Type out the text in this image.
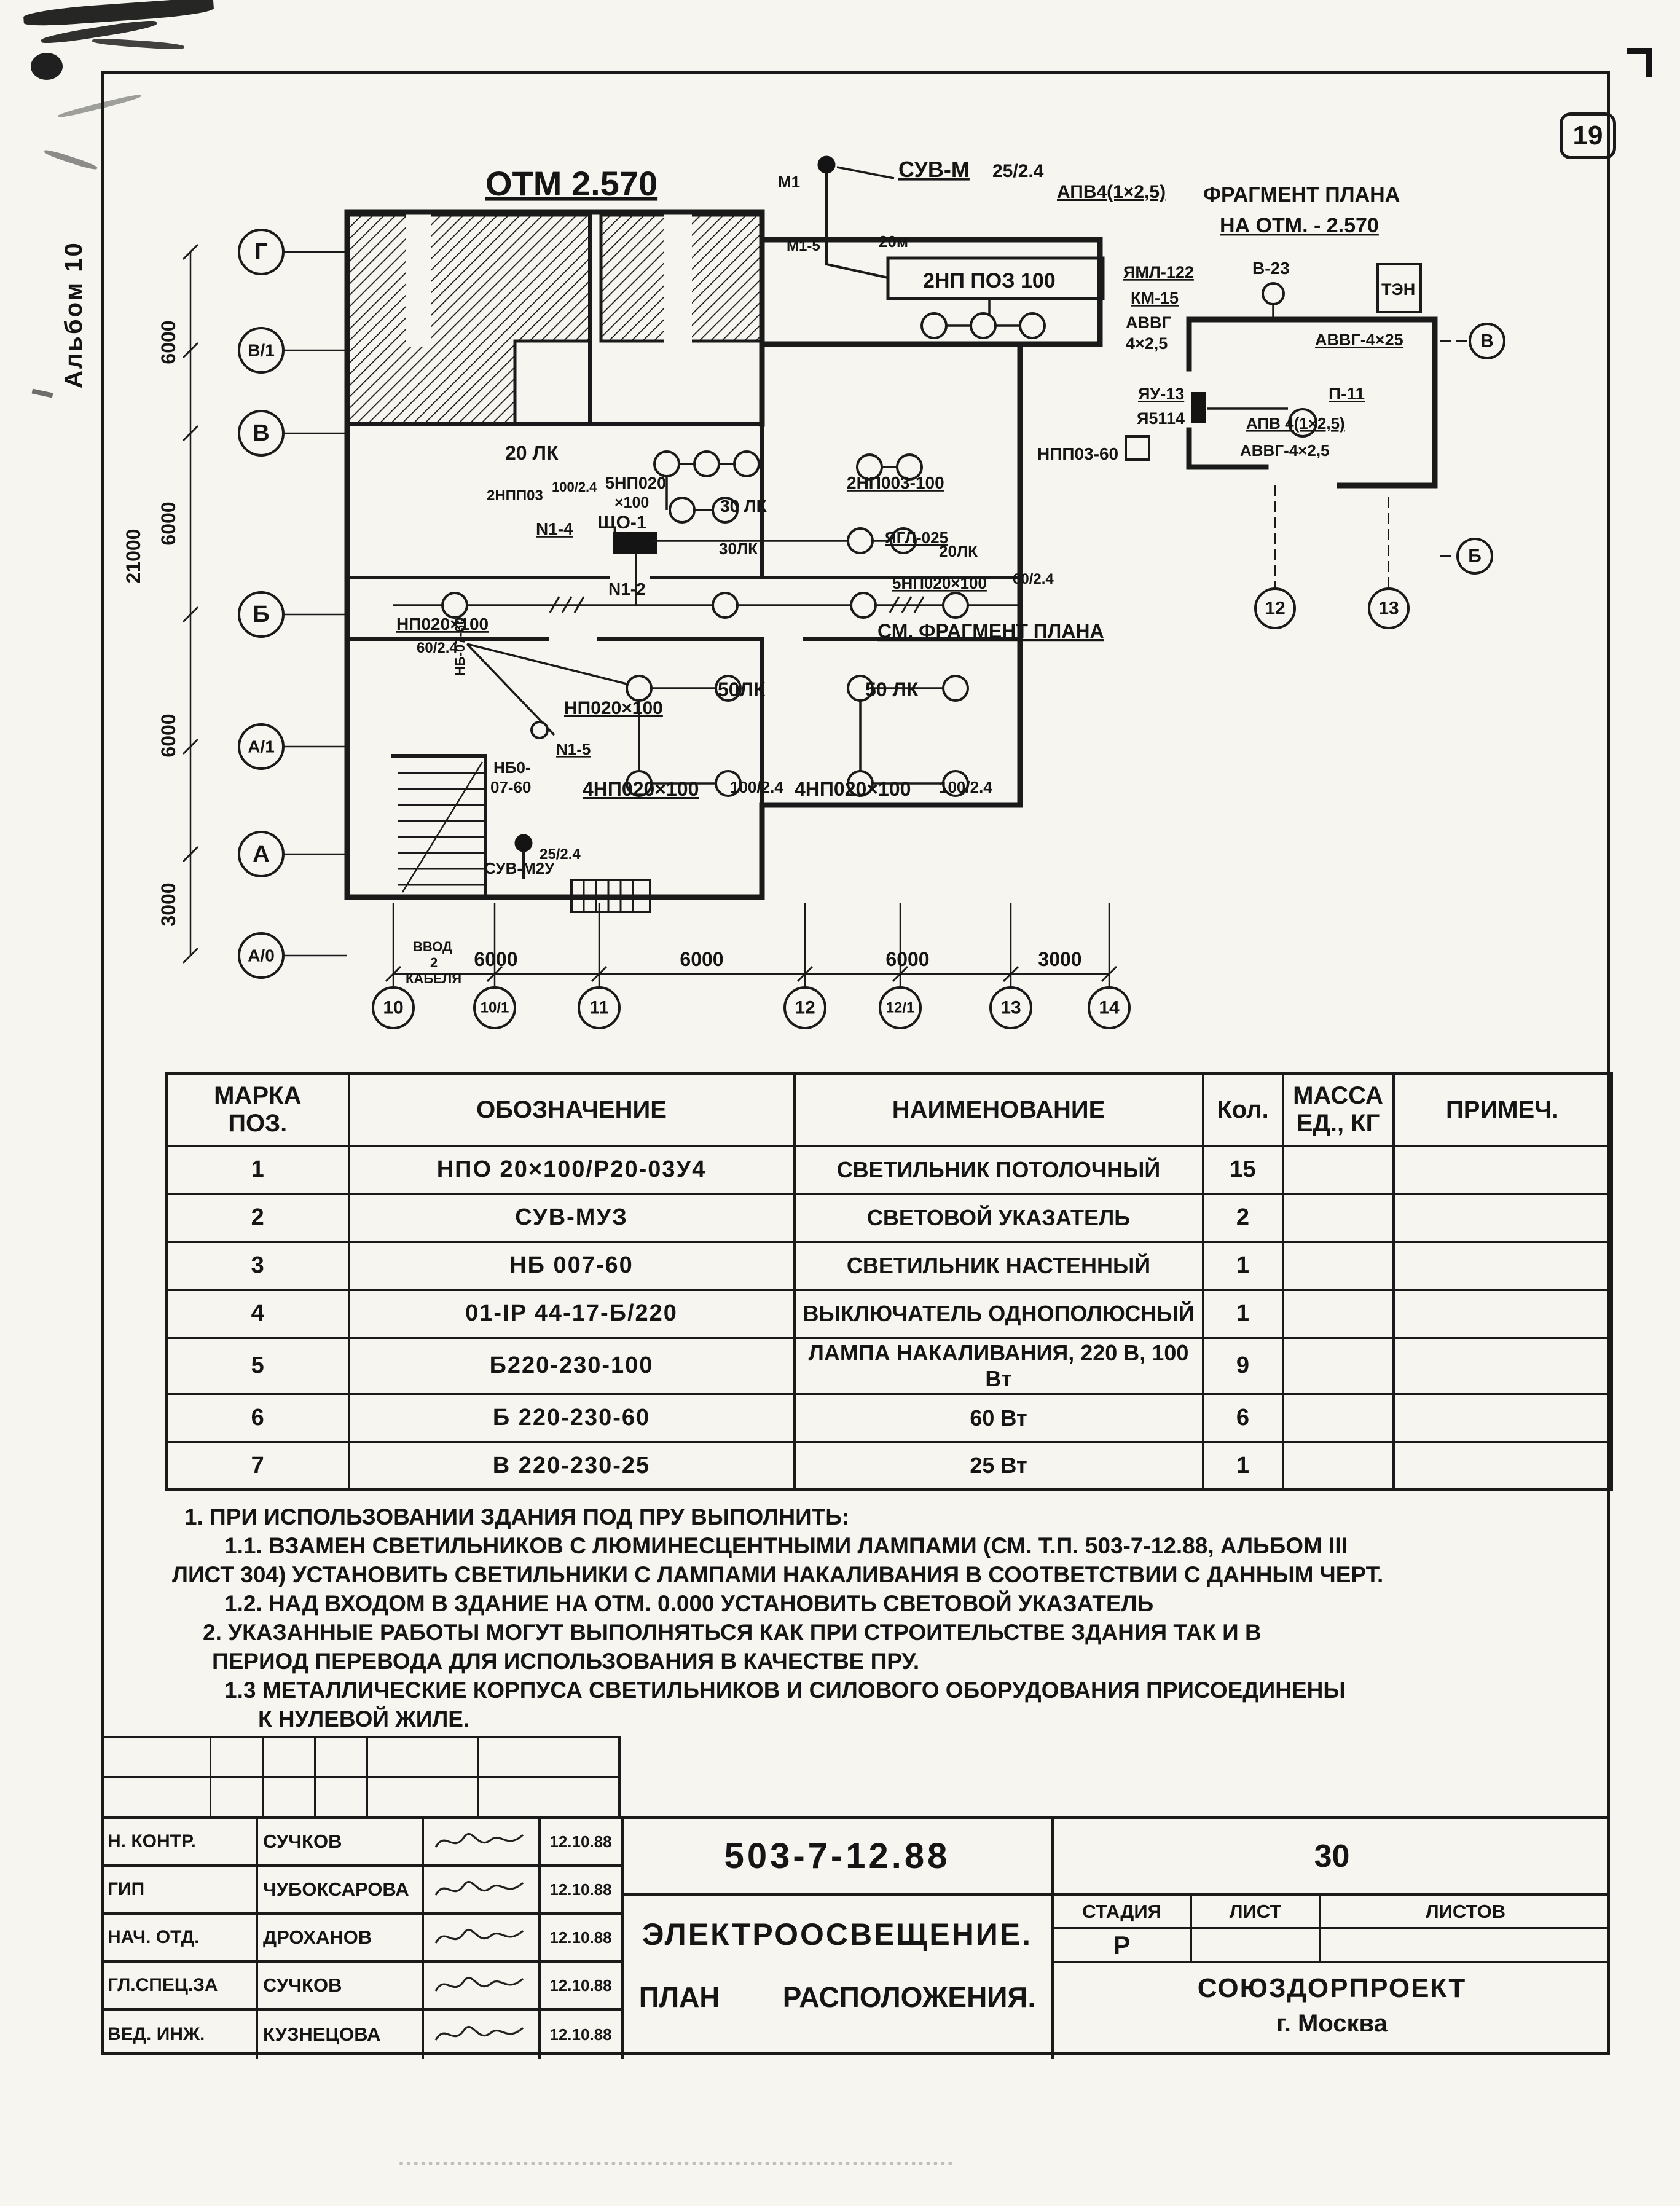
19
Альбом 10	Г
В/1
В
Б
А/1
А
А/0
10	10/1	11	12	12/1	13	14
12	13
В
Б
6000
6000
6000
3000
21000
6000	6000	6000	3000
ОТМ 2.570	М1	СУВ-М 25/2.4
АПВ4(1×2,5) ФРАГМЕНТ ПЛАНА
НА ОТМ. - 2.570
2НП ПОЗ 100	ЯМЛ-122
КМ-15
АВВГ
4×2,5
В-23
ТЭН
АВВГ-4×25
ЯУ-13
Я5114
П-11
АПВ 4(1×2,5)
АВВГ-4×2,5
НПП03-60
20 ЛК
2НПП03
100/2.4 5НП020
×100	30 ЛК
30ЛК
2НП003-100
N1-4 ЩО-1
ЯГЛ-025
20ЛК
N1-2	5НП020×100 60/2.4
НП020×100
60/2.4
НБ-07-60	СМ. ФРАГМЕНТ ПЛАНА
НП020×100
50ЛК	50 ЛК
НБ0-
07-60
N1-5
4НП020×100 100/2.4 4НП020×100 100/2.4
СУВ-М2У
25/2.4
ВВОД
2
КАБЕЛЯ
20м
М1-5
МАРКА
ПОЗ.	ОБОЗНАЧЕНИЕ	НАИМЕНОВАНИЕ	Кол.	МАССА
ЕД., КГ	ПРИМЕЧ.
1	НПО 20×100/Р20-03У4	СВЕТИЛЬНИК ПОТОЛОЧНЫЙ	15		
2	СУВ-МУЗ	СВЕТОВОЙ УКАЗАТЕЛЬ	2		
3	НБ 007-60	СВЕТИЛЬНИК НАСТЕННЫЙ	1		
4	01-IP 44-17-Б/220	ВЫКЛЮЧАТЕЛЬ ОДНОПОЛЮСНЫЙ	1		
5	Б220-230-100	ЛАМПА НАКАЛИВАНИЯ, 220 В, 100 Вт	9		
6	Б 220-230-60	60 Вт	6		
7	В 220-230-25	25 Вт	1		
1. ПРИ ИСПОЛЬЗОВАНИИ ЗДАНИЯ ПОД ПРУ ВЫПОЛНИТЬ:
1.1. ВЗАМЕН СВЕТИЛЬНИКОВ С ЛЮМИНЕСЦЕНТНЫМИ ЛАМПАМИ (СМ. Т.П. 503-7-12.88, АЛЬБОМ III
ЛИСТ 304) УСТАНОВИТЬ СВЕТИЛЬНИКИ С ЛАМПАМИ НАКАЛИВАНИЯ В СООТВЕТСТВИИ С ДАННЫМ ЧЕРТ.
1.2. НАД ВХОДОМ В ЗДАНИЕ НА ОТМ. 0.000 УСТАНОВИТЬ СВЕТОВОЙ УКАЗАТЕЛЬ
2. УКАЗАННЫЕ РАБОТЫ МОГУТ ВЫПОЛНЯТЬСЯ КАК ПРИ СТРОИТЕЛЬСТВЕ ЗДАНИЯ ТАК И В
ПЕРИОД ПЕРЕВОДА ДЛЯ ИСПОЛЬЗОВАНИЯ В КАЧЕСТВЕ ПРУ.
1.3 МЕТАЛЛИЧЕСКИЕ КОРПУСА СВЕТИЛЬНИКОВ И СИЛОВОГО ОБОРУДОВАНИЯ ПРИСОЕДИНЕНЫ
К НУЛЕВОЙ ЖИЛЕ.
Н. КОНТР.	СУЧКОВ	12.10.88
ГИП	ЧУБОКСАРОВА	12.10.88
НАЧ. ОТД.	ДРОХАНОВ	12.10.88
ГЛ.СПЕЦ.ЗА	СУЧКОВ	12.10.88
ВЕД. ИНЖ.	КУЗНЕЦОВА	12.10.88
503-7-12.88
ЭЛЕКТРООСВЕЩЕНИЕ.
ПЛАН        РАСПОЛОЖЕНИЯ.
30
СТАДИЯ	ЛИСТ	ЛИСТОВ
Р
СОЮЗДОРПРОЕКТ
г. Москва
